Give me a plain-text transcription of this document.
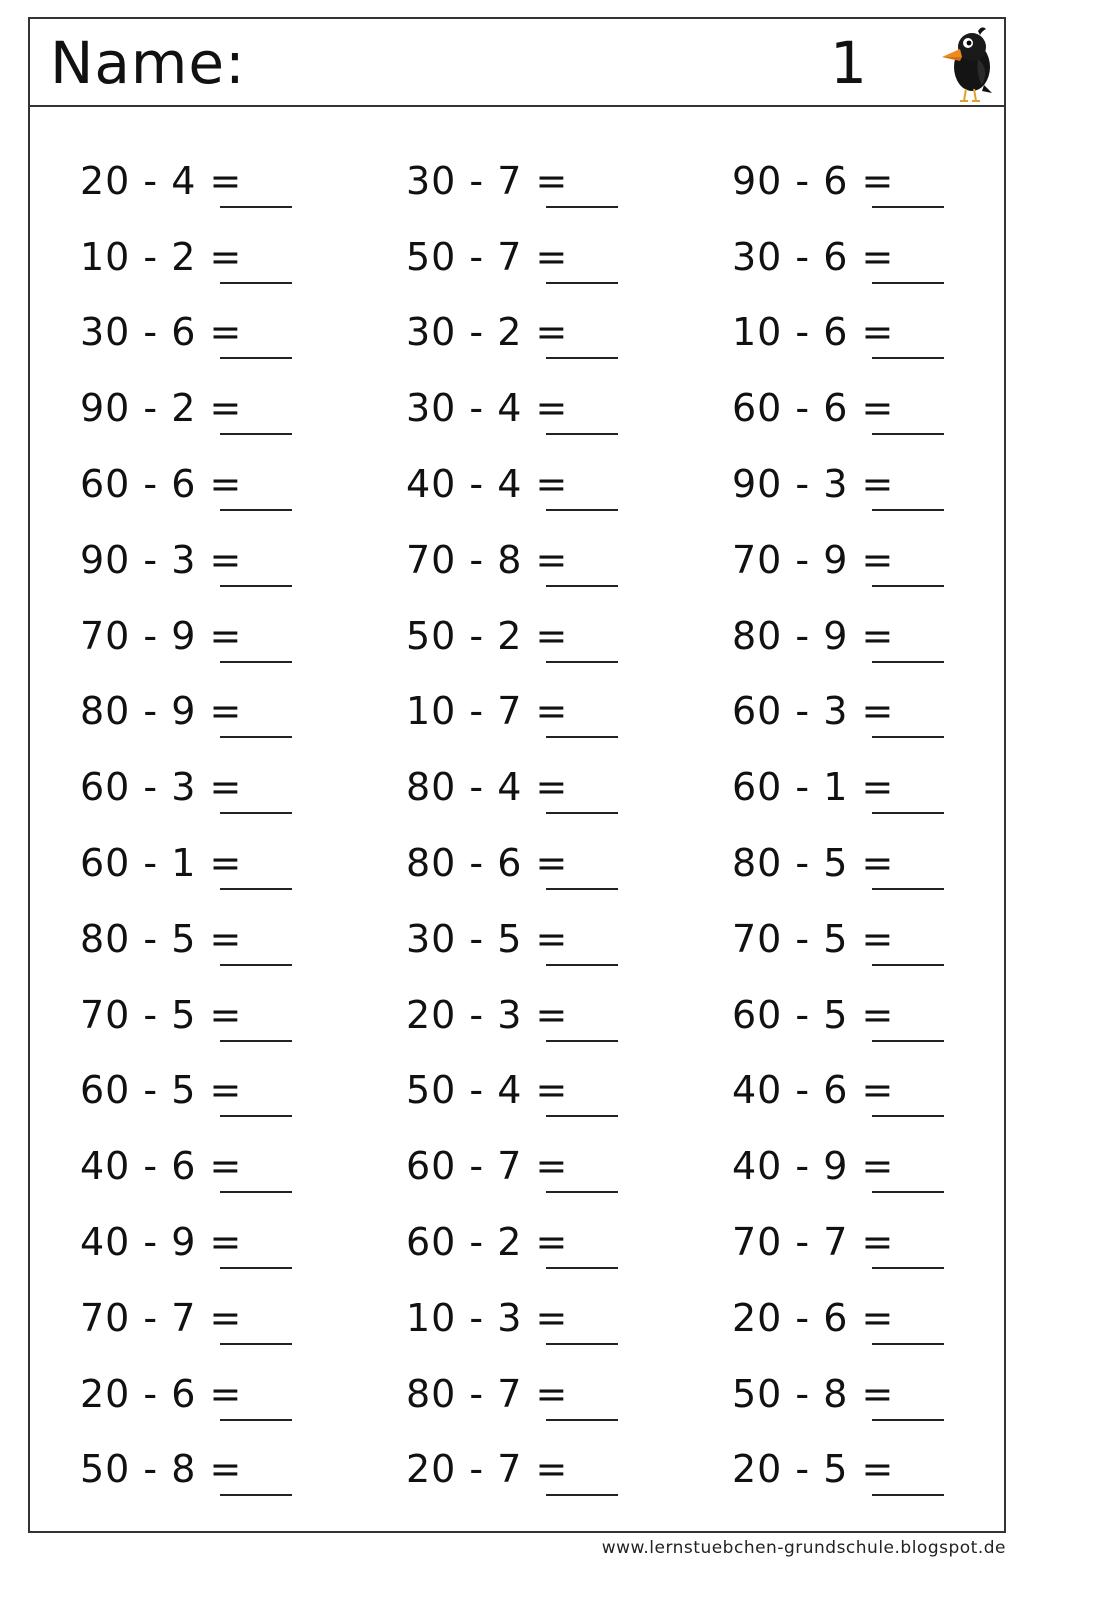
Name:	1
20 - 4 =	30 - 7 =	90 - 6 =
10 - 2 =	50 - 7 =	30 - 6 =
30 - 6 =	30 - 2 =	10 - 6 =
90 - 2 =	30 - 4 =	60 - 6 =
60 - 6 =	40 - 4 =	90 - 3 =
90 - 3 =	70 - 8 =	70 - 9 =
70 - 9 =	50 - 2 =	80 - 9 =
80 - 9 =	10 - 7 =	60 - 3 =
60 - 3 =	80 - 4 =	60 - 1 =
60 - 1 =	80 - 6 =	80 - 5 =
80 - 5 =	30 - 5 =	70 - 5 =
70 - 5 =	20 - 3 =	60 - 5 =
60 - 5 =	50 - 4 =	40 - 6 =
40 - 6 =	60 - 7 =	40 - 9 =
40 - 9 =	60 - 2 =	70 - 7 =
70 - 7 =	10 - 3 =	20 - 6 =
20 - 6 =	80 - 7 =	50 - 8 =
50 - 8 =	20 - 7 =	20 - 5 =
www.lernstuebchen-grundschule.blogspot.de
